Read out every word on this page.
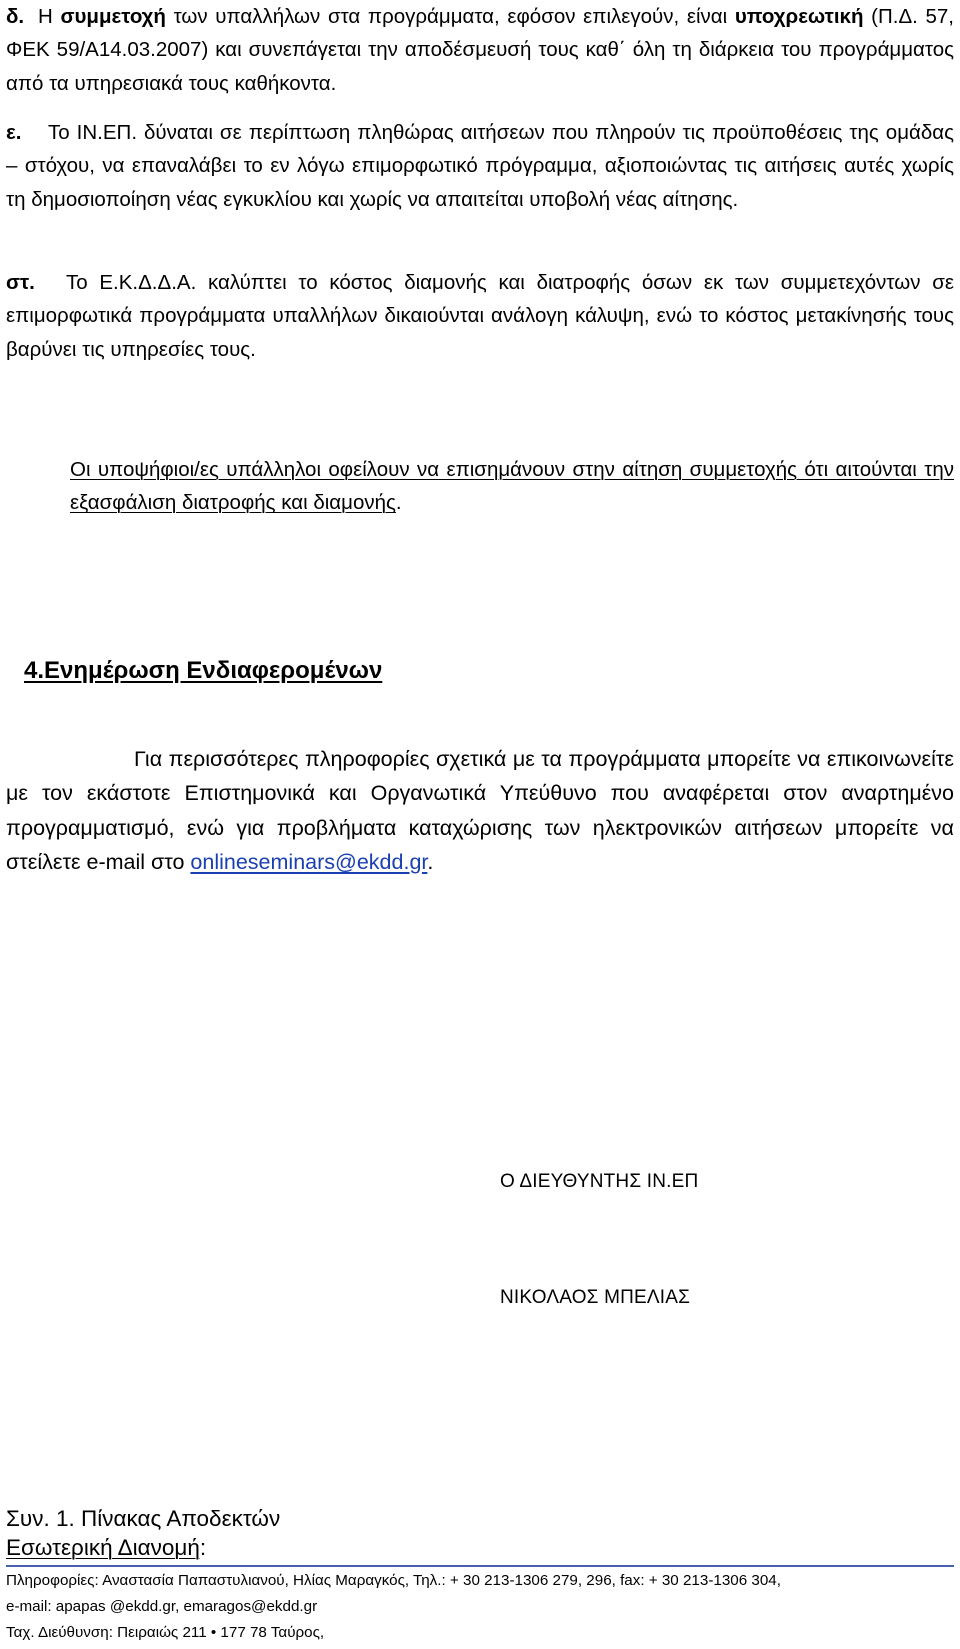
δ. Η συμμετοχή των υπαλλήλων στα προγράμματα, εφόσον επιλεγούν, είναι υποχρεωτική (Π.Δ. 57, ΦΕΚ 59/Α14.03.2007) και συνεπάγεται την αποδέσμευσή τους καθ΄ όλη τη διάρκεια του προγράμματος από τα υπηρεσιακά τους καθήκοντα.

ε. Το ΙΝ.ΕΠ. δύναται σε περίπτωση πληθώρας αιτήσεων που πληρούν τις προϋποθέσεις της ομάδας – στόχου, να επαναλάβει το εν λόγω επιμορφωτικό πρόγραμμα, αξιοποιώντας τις αιτήσεις αυτές χωρίς τη δημοσιοποίηση νέας εγκυκλίου και χωρίς να απαιτείται υποβολή νέας αίτησης.

στ. Το Ε.Κ.Δ.Δ.Α. καλύπτει το κόστος διαμονής και διατροφής όσων εκ των συμμετεχόντων σε επιμορφωτικά προγράμματα υπαλλήλων δικαιούνται ανάλογη κάλυψη, ενώ το κόστος μετακίνησής τους βαρύνει τις υπηρεσίες τους.

Οι υποψήφιοι/ες υπάλληλοι οφείλουν να επισημάνουν στην αίτηση συμμετοχής ότι αιτούνται την εξασφάλιση διατροφής και διαμονής.

4.Ενημέρωση Ενδιαφερομένων

Για περισσότερες πληροφορίες σχετικά με τα προγράμματα μπορείτε να επικοινωνείτε με τον εκάστοτε Επιστημονικά και Οργανωτικά Υπεύθυνο που αναφέρεται στον αναρτημένο προγραμματισμό, ενώ για προβλήματα καταχώρισης των ηλεκτρονικών αιτήσεων μπορείτε να στείλετε e-mail στο onlineseminars@ekdd.gr.

Ο ΔΙΕΥΘΥΝΤΗΣ ΙΝ.ΕΠ

ΝΙΚΟΛΑΟΣ ΜΠΕΛΙΑΣ

Συν. 1. Πίνακας Αποδεκτών
Εσωτερική Διανομή:
Πληροφορίες: Αναστασία Παπαστυλιανού, Ηλίας Μαραγκός, Τηλ.: + 30 213-1306 279, 296, fax: + 30 213-1306 304,
e-mail: apapas @ekdd.gr, emaragos@ekdd.gr
Ταχ. Διεύθυνση: Πειραιώς 211 • 177 78 Ταύρος,
